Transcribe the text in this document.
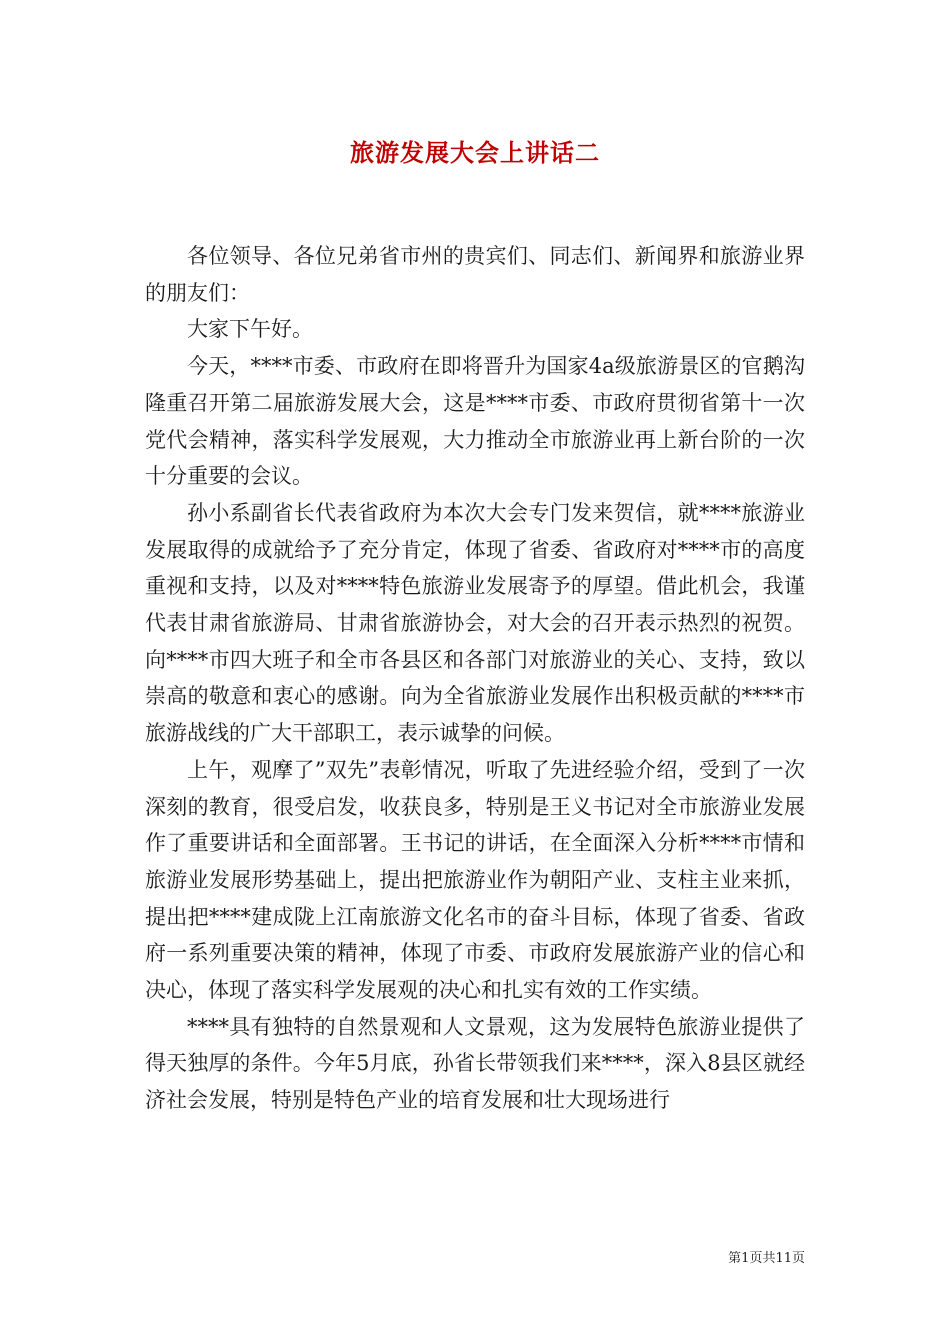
旅游发展大会上讲话二

各位领导、各位兄弟省市州的贵宾们、同志们、新闻界和旅游业界的朋友们：

大家下午好。

今天，****市委、市政府在即将晋升为国家4a级旅游景区的官鹅沟隆重召开第二届旅游发展大会，这是****市委、市政府贯彻省第十一次党代会精神，落实科学发展观，大力推动全市旅游业再上新台阶的一次十分重要的会议。

孙小系副省长代表省政府为本次大会专门发来贺信，就****旅游业发展取得的成就给予了充分肯定，体现了省委、省政府对****市的高度重视和支持，以及对****特色旅游业发展寄予的厚望。借此机会，我谨代表甘肃省旅游局、甘肃省旅游协会，对大会的召开表示热烈的祝贺。向****市四大班子和全市各县区和各部门对旅游业的关心、支持，致以崇高的敬意和衷心的感谢。向为全省旅游业发展作出积极贡献的****市旅游战线的广大干部职工，表示诚挚的问候。

上午，观摩了”双先”表彰情况，听取了先进经验介绍，受到了一次深刻的教育，很受启发，收获良多，特别是王义书记对全市旅游业发展作了重要讲话和全面部署。王书记的讲话，在全面深入分析****市情和旅游业发展形势基础上，提出把旅游业作为朝阳产业、支柱主业来抓，提出把****建成陇上江南旅游文化名市的奋斗目标，体现了省委、省政府一系列重要决策的精神，体现了市委、市政府发展旅游产业的信心和决心，体现了落实科学发展观的决心和扎实有效的工作实绩。

****具有独特的自然景观和人文景观，这为发展特色旅游业提供了得天独厚的条件。今年5月底，孙省长带领我们来****，深入8县区就经济社会发展，特别是特色产业的培育发展和壮大现场进行

第1页共11页
